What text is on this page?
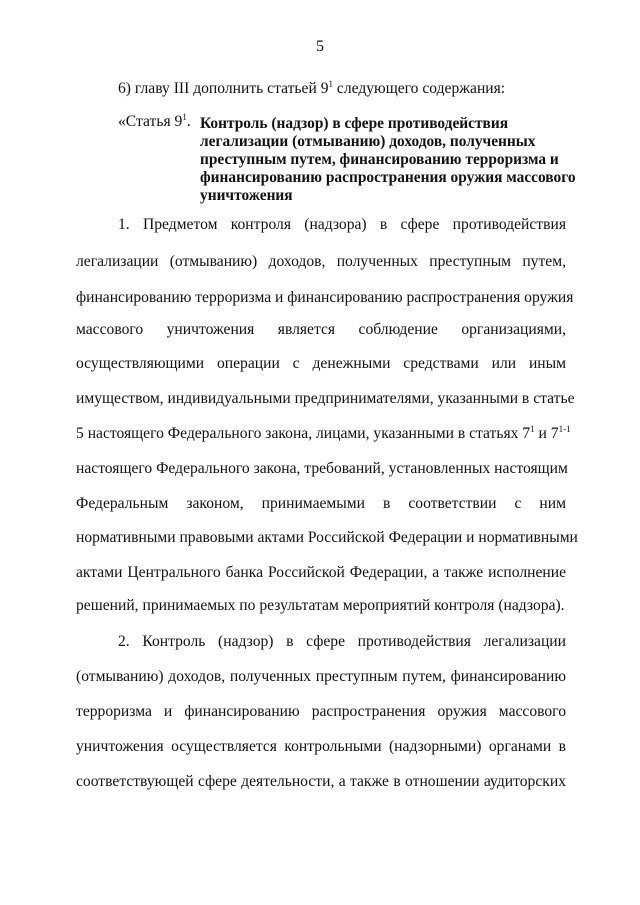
5
6) главу III дополнить статьей $9^1$ следующего содержания:
«Статья $9^1$. Контроль (надзор) в сфере противодействия легализации (отмыванию) доходов, полученных преступным путем, финансированию терроризма и финансированию распространения оружия массового уничтожения
1. Предметом контроля (надзора) в сфере противодействия
легализации (отмыванию) доходов, полученных преступным путем,
финансированию терроризма и финансированию распространения оружия
массового уничтожения является соблюдение организациями,
осуществляющими операции с денежными средствами или иным
имуществом, индивидуальными предпринимателями, указанными в статье
5 настоящего Федерального закона, лицами, указанными в статьях $7^1$ и 7$^{1-1}$
настоящего Федерального закона, требований, установленных настоящим
Федеральным законом, принимаемыми в соответствии с ним
нормативными правовыми актами Российской Федерации и нормативными
актами Центрального банка Российской Федерации, а также исполнение
решений, принимаемых по результатам мероприятий контроля (надзора).
2. Контроль (надзор) в сфере противодействия легализации
(отмыванию) доходов, полученных преступным путем, финансированию
терроризма и финансированию распространения оружия массового
уничтожения осуществляется контрольными (надзорными) органами в
соответствующей сфере деятельности, а также в отношении аудиторских
